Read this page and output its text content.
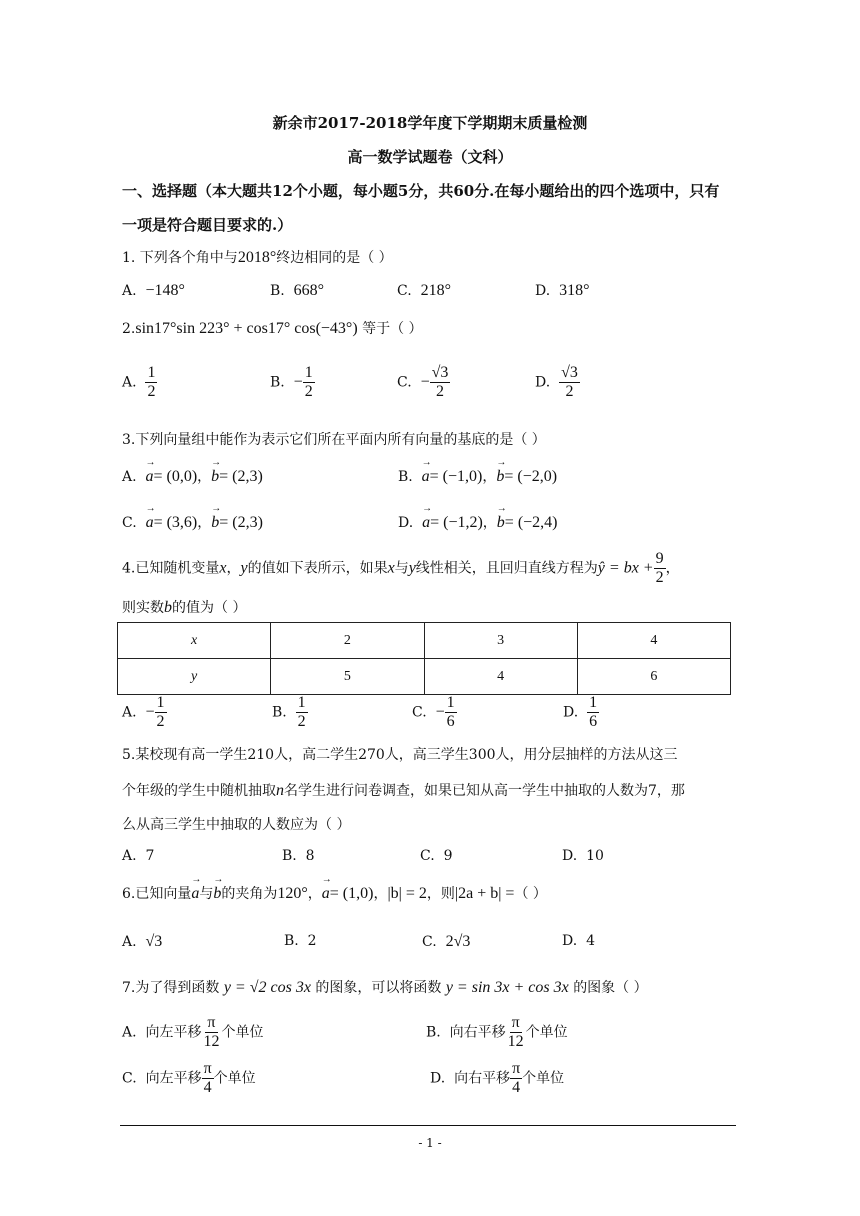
新余市2017-2018学年度下学期期末质量检测
高一数学试题卷（文科）
一、选择题（本大题共12个小题，每小题5分，共60分.在每小题给出的四个选项中，只有
一项是符合题目要求的.）
1. 下列各个角中与2018°终边相同的是（ ）
A. −148°	B. 668°	C. 218°	D. 318°
2.sin17°sin 223° + cos17° cos(−43°) 等于（ ）
A. $\frac{1}{2}$	B. − $\frac{1}{2}$	C. − $\frac{√3}{2}$	D. $\frac{√3}{2}$
3.下列向量组中能作为表示它们所在平面内所有向量的基底的是（ ）
A. → a= (0,0)，→ b= (2,3)	B. → a= (−1,0)，→ b= (−2,0)
C. → a= (3,6)，→ b= (2,3)	D. → a= (−1,2)，→ b= (−2,4)
4.已知随机变量x，y的值如下表所示，如果x与y线性相关，且回归直线方程为ŷ = bx + $\frac{9}{2}$ ，
则实数b的值为（ ）
x	2	3	4
y	5	4	6
A. − $\frac{1}{2}$	B. $\frac{1}{2}$	C. − $\frac{1}{6}$	D. $\frac{1}{6}$
5.某校现有高一学生210人，高二学生270人，高三学生300人，用分层抽样的方法从这三
个年级的学生中随机抽取n名学生进行问卷调查，如果已知从高一学生中抽取的人数为7，那
么从高三学生中抽取的人数应为（ ）
A. 7	B. 8	C. 9	D. 10
6.已知向量→ a与→ b的夹角为120°，→ a= (1,0)，|b| = 2，则|2a + b| =（ ）
A. √3	B. 2	C. 2√3	D. 4
7.为了得到函数 y = √2 cos 3x 的图象，可以将函数 y = sin 3x + cos 3x 的图象（ ）
A. 向左平移 $\frac{\pi}{12}$ 个单位	B. 向右平移 $\frac{\pi}{12}$ 个单位
C. 向左平移 $\frac{\pi}{4}$ 个单位	D. 向右平移 $\frac{\pi}{4}$ 个单位
- 1 -
